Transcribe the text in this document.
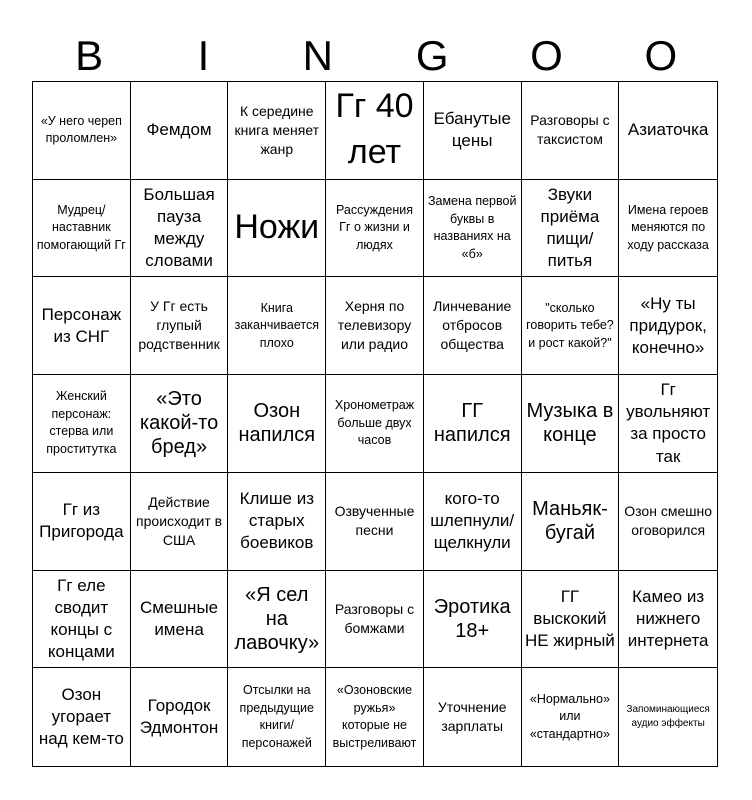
B	I	N	G	O	O
«У него череп проломлен»	Фемдом
К середине книга меняет жанр
Гг 40 лет
Ебанутые цены
Разговоры с таксистом
Азиаточка
Мудрец/ наставник помогающий Гг
Большая пауза между словами
Ножи	Рассуждения Гг о жизни и людях
Замена первой буквы в названиях на «б»
Звуки приёма пищи/ питья
Имена героев меняются по ходу рассказа
Персонаж из СНГ
У Гг есть глупый родственник
Книга заканчивается плохо
Херня по телевизору или радио
Линчевание отбросов общества
"сколько говорить тебе? и рост какой?"
«Ну ты придурок, конечно»
Женский персонаж: стерва или проститутка
«Это какой-то бред»
Озон напился
Хронометраж больше двух часов
ГГ напился
Музыка в конце
Гг увольняют за просто так
Гг из Пригорода
Действие происходит в США
Клише из старых боевиков
Озвученные песни
кого-то шлепнули/ щелкнули
Маньяк-бугай
Озон смешно оговорился
Гг еле сводит концы с концами
Смешные имена
«Я сел на лавочку»
Разговоры с бомжами
Эротика 18+
ГГ выскокий НЕ жирный
Камео из нижнего интернета
Озон угорает над кем-то
Городок Эдмонтон
Отсылки на предыдущие книги/ персонажей
«Озоновские ружья» которые не выстреливают
Уточнение зарплаты
«Нормально» или «стандартно»
Запоминающиеся аудио эффекты
